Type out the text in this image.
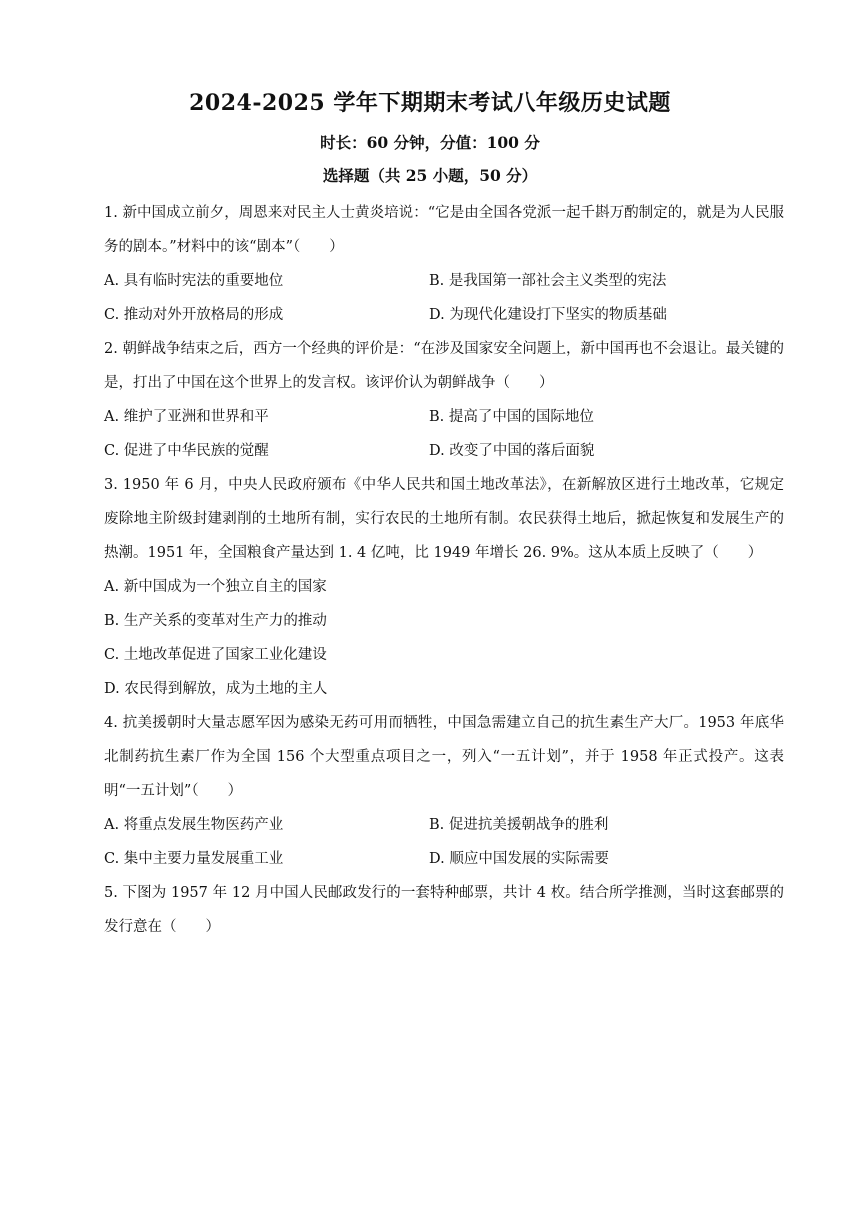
2024-2025 学年下期期末考试八年级历史试题
时长：60 分钟，分值：100 分
选择题（共 25 小题，50 分）

1. 新中国成立前夕，周恩来对民主人士黄炎培说：“它是由全国各党派一起千斟万酌制定的，就是为人民服务的剧本。”材料中的该“剧本”（　　）

A. 具有临时宪法的重要地位	B. 是我国第一部社会主义类型的宪法
C. 推动对外开放格局的形成	D. 为现代化建设打下坚实的物质基础

2. 朝鲜战争结束之后，西方一个经典的评价是：“在涉及国家安全问题上，新中国再也不会退让。最关键的是，打出了中国在这个世界上的发言权。该评价认为朝鲜战争（　　）

A. 维护了亚洲和世界和平	B. 提高了中国的国际地位
C. 促进了中华民族的觉醒	D. 改变了中国的落后面貌

3. 1950 年 6 月，中央人民政府颁布《中华人民共和国土地改革法》，在新解放区进行土地改革，它规定废除地主阶级封建剥削的土地所有制，实行农民的土地所有制。农民获得土地后，掀起恢复和发展生产的热潮。1951 年，全国粮食产量达到 1. 4 亿吨，比 1949 年增长 26. 9%。这从本质上反映了（　　）

A. 新中国成为一个独立自主的国家

B. 生产关系的变革对生产力的推动

C. 土地改革促进了国家工业化建设

D. 农民得到解放，成为土地的主人

4. 抗美援朝时大量志愿军因为感染无药可用而牺牲，中国急需建立自己的抗生素生产大厂。1953 年底华北制药抗生素厂作为全国 156 个大型重点项目之一，列入“一五计划”，并于 1958 年正式投产。这表明“一五计划”（　　）

A. 将重点发展生物医药产业	B. 促进抗美援朝战争的胜利
C. 集中主要力量发展重工业	D. 顺应中国发展的实际需要

5. 下图为 1957 年 12 月中国人民邮政发行的一套特种邮票，共计 4 枚。结合所学推测，当时这套邮票的发行意在（　　）
